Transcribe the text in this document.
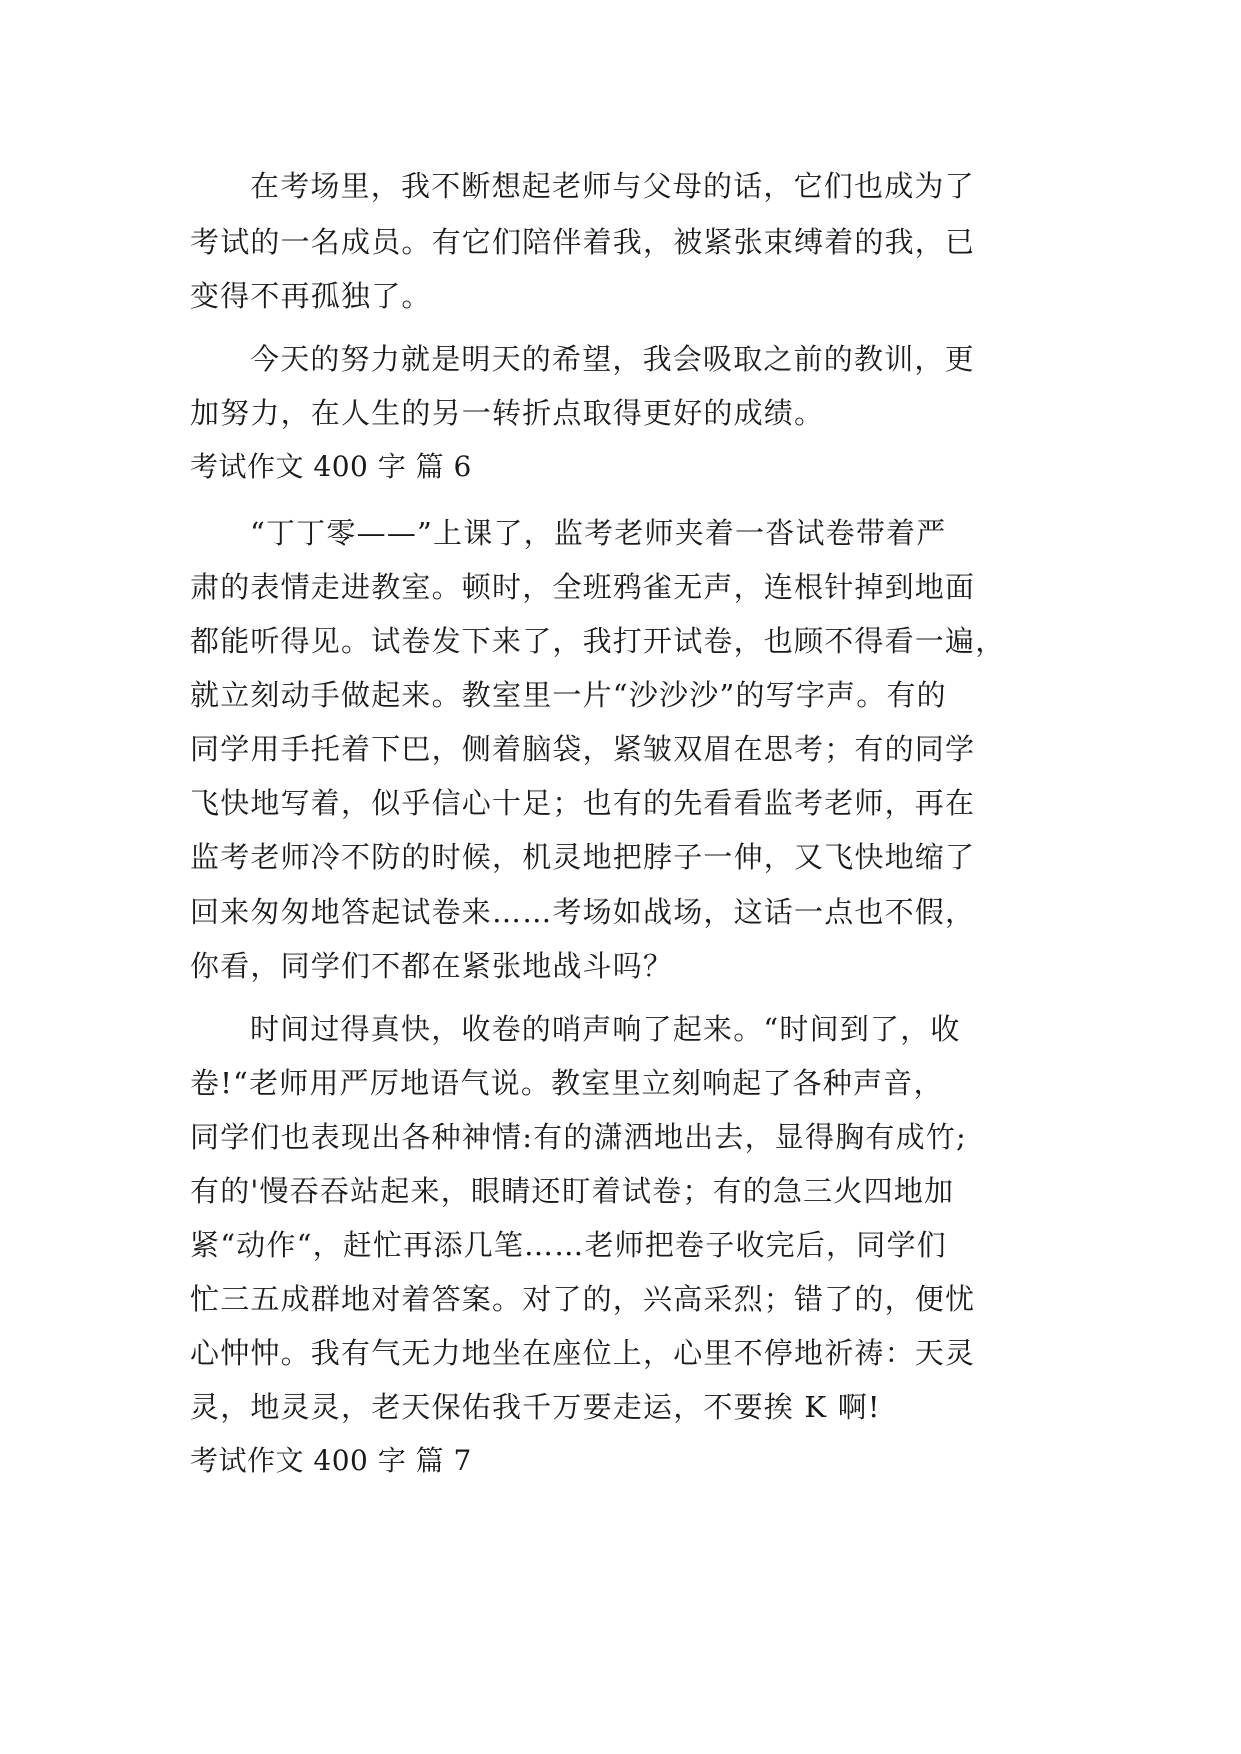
在考场里，我不断想起老师与父母的话，它们也成为了
考试的一名成员。有它们陪伴着我，被紧张束缚着的我，已
变得不再孤独了。
今天的努力就是明天的希望，我会吸取之前的教训，更
加努力，在人生的另一转折点取得更好的成绩。
考试作文 400 字 篇 6
“丁丁零——”上课了，监考老师夹着一沓试卷带着严
肃的表情走进教室。顿时，全班鸦雀无声，连根针掉到地面
都能听得见。试卷发下来了，我打开试卷，也顾不得看一遍，
就立刻动手做起来。教室里一片“沙沙沙”的写字声。有的
同学用手托着下巴，侧着脑袋，紧皱双眉在思考；有的同学
飞快地写着，似乎信心十足；也有的先看看监考老师，再在
监考老师冷不防的时候，机灵地把脖子一伸，又飞快地缩了
回来匆匆地答起试卷来……考场如战场，这话一点也不假，
你看，同学们不都在紧张地战斗吗？
时间过得真快，收卷的哨声响了起来。“时间到了，收
卷!“老师用严厉地语气说。教室里立刻响起了各种声音，
同学们也表现出各种神情:有的潇洒地出去，显得胸有成竹;
有的'慢吞吞站起来，眼睛还盯着试卷；有的急三火四地加
紧“动作“，赶忙再添几笔……老师把卷子收完后，同学们
忙三五成群地对着答案。对了的，兴高采烈；错了的，便忧
心忡忡。我有气无力地坐在座位上，心里不停地祈祷：天灵
灵，地灵灵，老天保佑我千万要走运，不要挨 K 啊!
考试作文 400 字 篇 7
